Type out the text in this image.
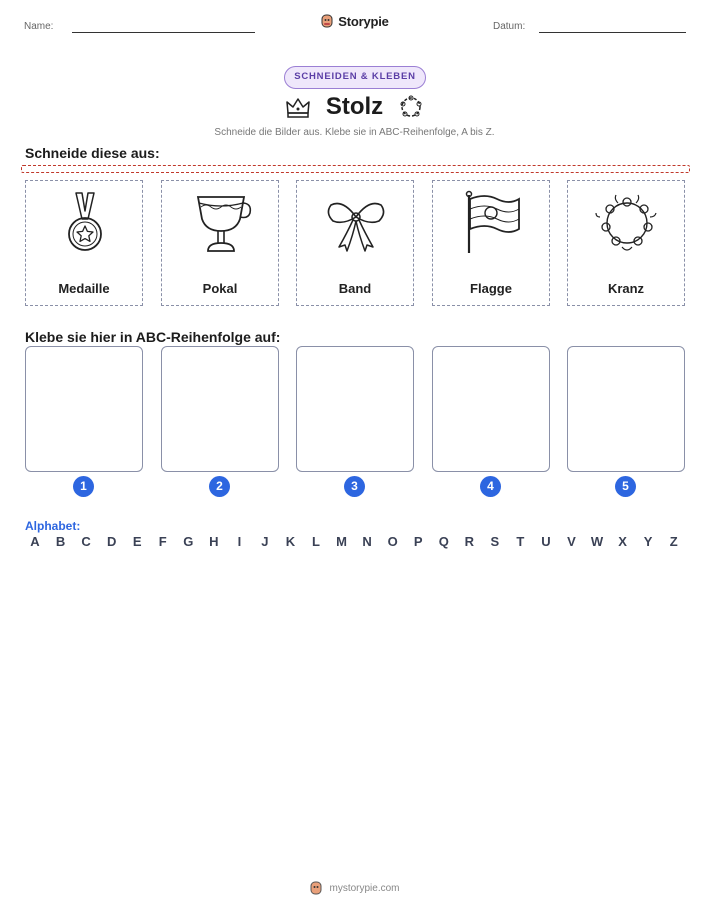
Name:	Storypie	Datum:
SCHNEIDEN & KLEBEN
Stolz
Schneide die Bilder aus. Klebe sie in ABC-Reihenfolge, A bis Z.
Schneide diese aus:
Medaille	Pokal	Band	Flagge	Kranz
Klebe sie hier in ABC-Reihenfolge auf:
1	2	3	4	5
Alphabet:
A	B	C	D	E	F	G	H	I	J	K	L	M	N	O	P	Q	R	S	T	U	V	W	X	Y	Z
mystorypie.com
